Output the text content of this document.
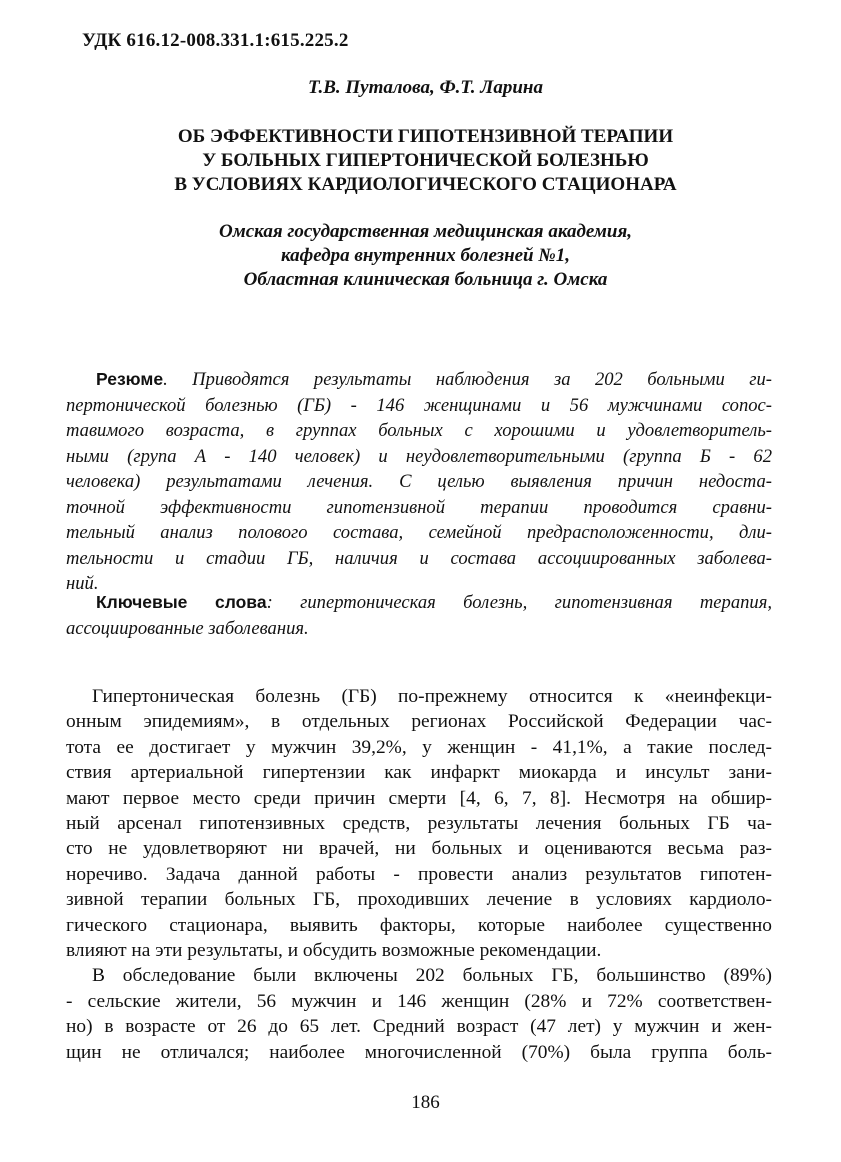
УДК 616.12-008.331.1:615.225.2
Т.В. Путалова, Ф.Т. Ларина
ОБ ЭФФЕКТИВНОСТИ ГИПОТЕНЗИВНОЙ ТЕРАПИИ
У БОЛЬНЫХ ГИПЕРТОНИЧЕСКОЙ БОЛЕЗНЬЮ
В УСЛОВИЯХ КАРДИОЛОГИЧЕСКОГО СТАЦИОНАРА
Омская государственная медицинская академия,
кафедра внутренних болезней №1,
Областная клиническая больница г. Омска
Резюме. Приводятся результаты наблюдения за 202 больными ги-
пертонической болезнью (ГБ) - 146 женщинами и 56 мужчинами сопос-
тавимого возраста, в группах больных с хорошими и удовлетворитель-
ными (група А - 140 человек) и неудовлетворительными (группа Б - 62
человека) результатами лечения. С целью выявления причин недоста-
точной эффективности гипотензивной терапии проводится сравни-
тельный анализ полового состава, семейной предрасположенности, дли-
тельности и стадии ГБ, наличия и состава ассоциированных заболева-
ний.
Ключевые слова: гипертоническая болезнь, гипотензивная терапия,
ассоциированные заболевания.
Гипертоническая болезнь (ГБ) по-прежнему относится к «неинфекци-
онным эпидемиям», в отдельных регионах Российской Федерации час-
тота ее достигает у мужчин 39,2%, у женщин - 41,1%, а такие послед-
ствия артериальной гипертензии как инфаркт миокарда и инсульт зани-
мают первое место среди причин смерти [4, 6, 7, 8]. Несмотря на обшир-
ный арсенал гипотензивных средств, результаты лечения больных ГБ ча-
сто не удовлетворяют ни врачей, ни больных и оцениваются весьма раз-
норечиво. Задача данной работы - провести анализ результатов гипотен-
зивной терапии больных ГБ, проходивших лечение в условиях кардиоло-
гического стационара, выявить факторы, которые наиболее существенно
влияют на эти результаты, и обсудить возможные рекомендации.
В обследование были включены 202 больных ГБ, большинство (89%)
- сельские жители, 56 мужчин и 146 женщин (28% и 72% соответствен-
но) в возрасте от 26 до 65 лет. Средний возраст (47 лет) у мужчин и жен-
щин не отличался; наиболее многочисленной (70%) была группа боль-
186
